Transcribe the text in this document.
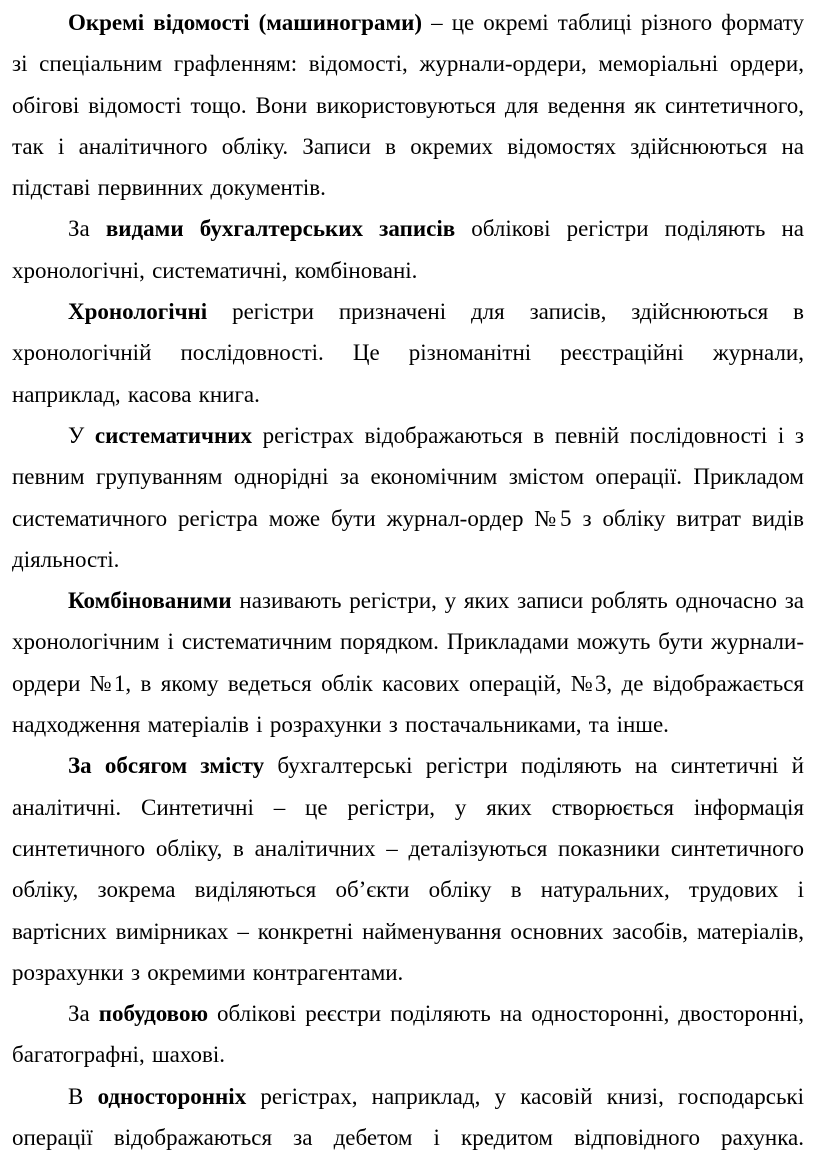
Окремі відомості (машинограми) – це окремі таблиці різного формату зі спеціальним графленням: відомості, журнали-ордери, меморіальні ордери, обігові відомості тощо. Вони використовуються для ведення як синтетичного, так і аналітичного обліку. Записи в окремих відомостях здійснюються на підставі первинних документів.

За видами бухгалтерських записів облікові регістри поділяють на хронологічні, систематичні, комбіновані.

Хронологічні регістри призначені для записів, здійснюються в хронологічній послідовності. Це різноманітні реєстраційні журнали, наприклад, касова книга.

У систематичних регістрах відображаються в певній послідовності і з певним групуванням однорідні за економічним змістом операції. Прикладом систематичного регістра може бути журнал-ордер №5 з обліку витрат видів діяльності.

Комбінованими називають регістри, у яких записи роблять одночасно за хронологічним і систематичним порядком. Прикладами можуть бути журнали-ордери №1, в якому ведеться облік касових операцій, №3, де відображається надходження матеріалів і розрахунки з постачальниками, та інше.

За обсягом змісту бухгалтерські регістри поділяють на синтетичні й аналітичні. Синтетичні – це регістри, у яких створюється інформація синтетичного обліку, в аналітичних – деталізуються показники синтетичного обліку, зокрема виділяються об’єкти обліку в натуральних, трудових і вартісних вимірниках – конкретні найменування основних засобів, матеріалів, розрахунки з окремими контрагентами.

За побудовою облікові реєстри поділяють на односторонні, двосторонні, багатографні, шахові.

В односторонніх регістрах, наприклад, у касовій книзі, господарські операції відображаються за дебетом і кредитом відповідного рахунка.
